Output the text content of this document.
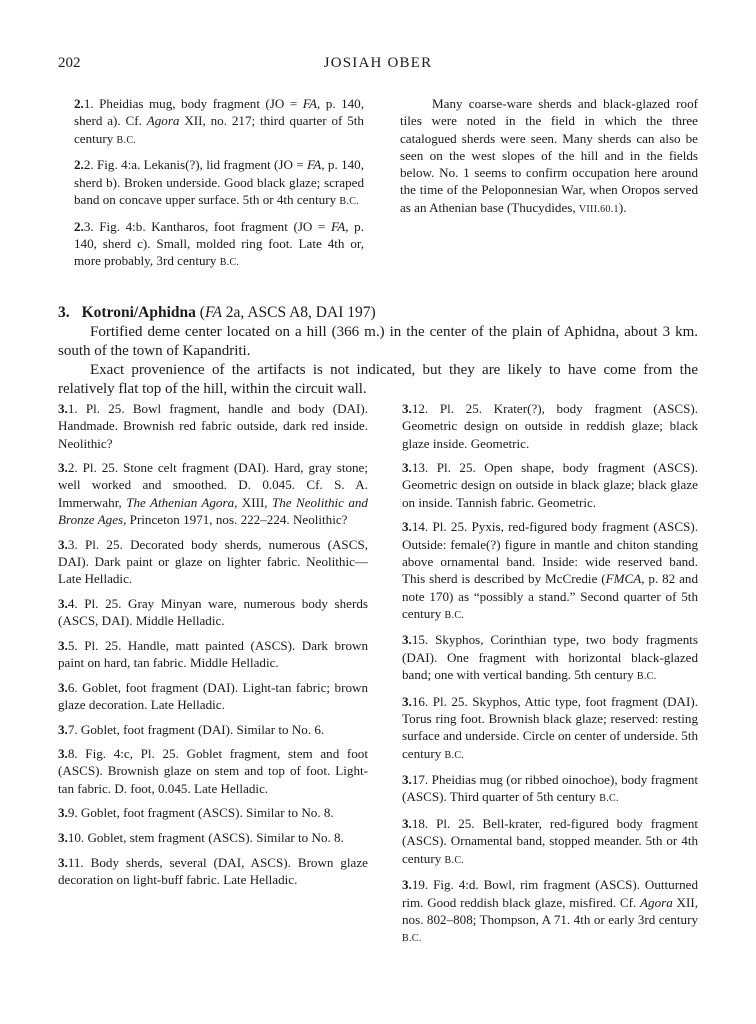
202	JOSIAH OBER

2.1. Pheidias mug, body fragment (JO = FA, p. 140, sherd a). Cf. Agora XII, no. 217; third quarter of 5th century B.C.

2.2. Fig. 4:a. Lekanis(?), lid fragment (JO = FA, p. 140, sherd b). Broken underside. Good black glaze; scraped band on concave upper surface. 5th or 4th century B.C.

2.3. Fig. 4:b. Kantharos, foot fragment (JO = FA, p. 140, sherd c). Small, molded ring foot. Late 4th or, more probably, 3rd century B.C.

Many coarse-ware sherds and black-glazed roof tiles were noted in the field in which the three catalogued sherds were seen. Many sherds can also be seen on the west slopes of the hill and in the fields below. No. 1 seems to confirm occupation here around the time of the Peloponnesian War, when Oropos served as an Athenian base (Thucydides, VIII.60.1).

3. Kotroni/Aphidna (FA 2a, ASCS A8, DAI 197)

Fortified deme center located on a hill (366 m.) in the center of the plain of Aphidna, about 3 km. south of the town of Kapandriti.

Exact provenience of the artifacts is not indicated, but they are likely to have come from the relatively flat top of the hill, within the circuit wall.

3.1. Pl. 25. Bowl fragment, handle and body (DAI). Handmade. Brownish red fabric outside, dark red inside. Neolithic?

3.2. Pl. 25. Stone celt fragment (DAI). Hard, gray stone; well worked and smoothed. D. 0.045. Cf. S. A. Immerwahr, The Athenian Agora, XIII, The Neolithic and Bronze Ages, Princeton 1971, nos. 222–224. Neolithic?

3.3. Pl. 25. Decorated body sherds, numerous (ASCS, DAI). Dark paint or glaze on lighter fabric. Neolithic—Late Helladic.

3.4. Pl. 25. Gray Minyan ware, numerous body sherds (ASCS, DAI). Middle Helladic.

3.5. Pl. 25. Handle, matt painted (ASCS). Dark brown paint on hard, tan fabric. Middle Helladic.

3.6. Goblet, foot fragment (DAI). Light-tan fabric; brown glaze decoration. Late Helladic.

3.7. Goblet, foot fragment (DAI). Similar to No. 6.

3.8. Fig. 4:c, Pl. 25. Goblet fragment, stem and foot (ASCS). Brownish glaze on stem and top of foot. Light-tan fabric. D. foot, 0.045. Late Helladic.

3.9. Goblet, foot fragment (ASCS). Similar to No. 8.

3.10. Goblet, stem fragment (ASCS). Similar to No. 8.

3.11. Body sherds, several (DAI, ASCS). Brown glaze decoration on light-buff fabric. Late Helladic.

3.12. Pl. 25. Krater(?), body fragment (ASCS). Geometric design on outside in reddish glaze; black glaze inside. Geometric.

3.13. Pl. 25. Open shape, body fragment (ASCS). Geometric design on outside in black glaze; black glaze on inside. Tannish fabric. Geometric.

3.14. Pl. 25. Pyxis, red-figured body fragment (ASCS). Outside: female(?) figure in mantle and chiton standing above ornamental band. Inside: wide reserved band. This sherd is described by McCredie (FMCA, p. 82 and note 170) as “possibly a stand.” Second quarter of 5th century B.C.

3.15. Skyphos, Corinthian type, two body fragments (DAI). One fragment with horizontal black-glazed band; one with vertical banding. 5th century B.C.

3.16. Pl. 25. Skyphos, Attic type, foot fragment (DAI). Torus ring foot. Brownish black glaze; reserved: resting surface and underside. Circle on center of underside. 5th century B.C.

3.17. Pheidias mug (or ribbed oinochoe), body fragment (ASCS). Third quarter of 5th century B.C.

3.18. Pl. 25. Bell-krater, red-figured body fragment (ASCS). Ornamental band, stopped meander. 5th or 4th century B.C.

3.19. Fig. 4:d. Bowl, rim fragment (ASCS). Outturned rim. Good reddish black glaze, misfired. Cf. Agora XII, nos. 802–808; Thompson, A 71. 4th or early 3rd century B.C.
